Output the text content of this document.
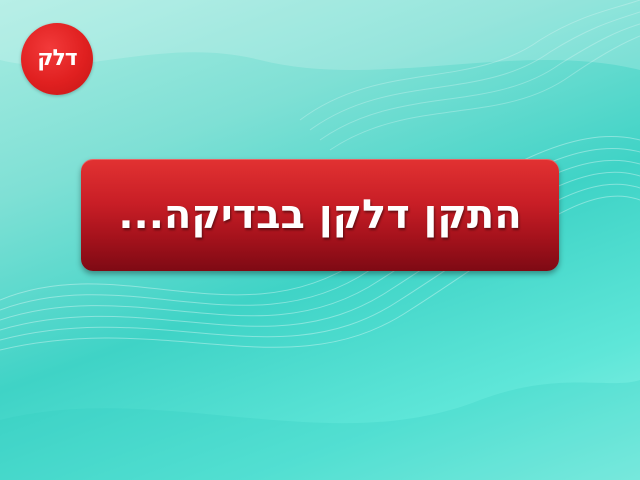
דלק
התקן דלקן בבדיקה...
